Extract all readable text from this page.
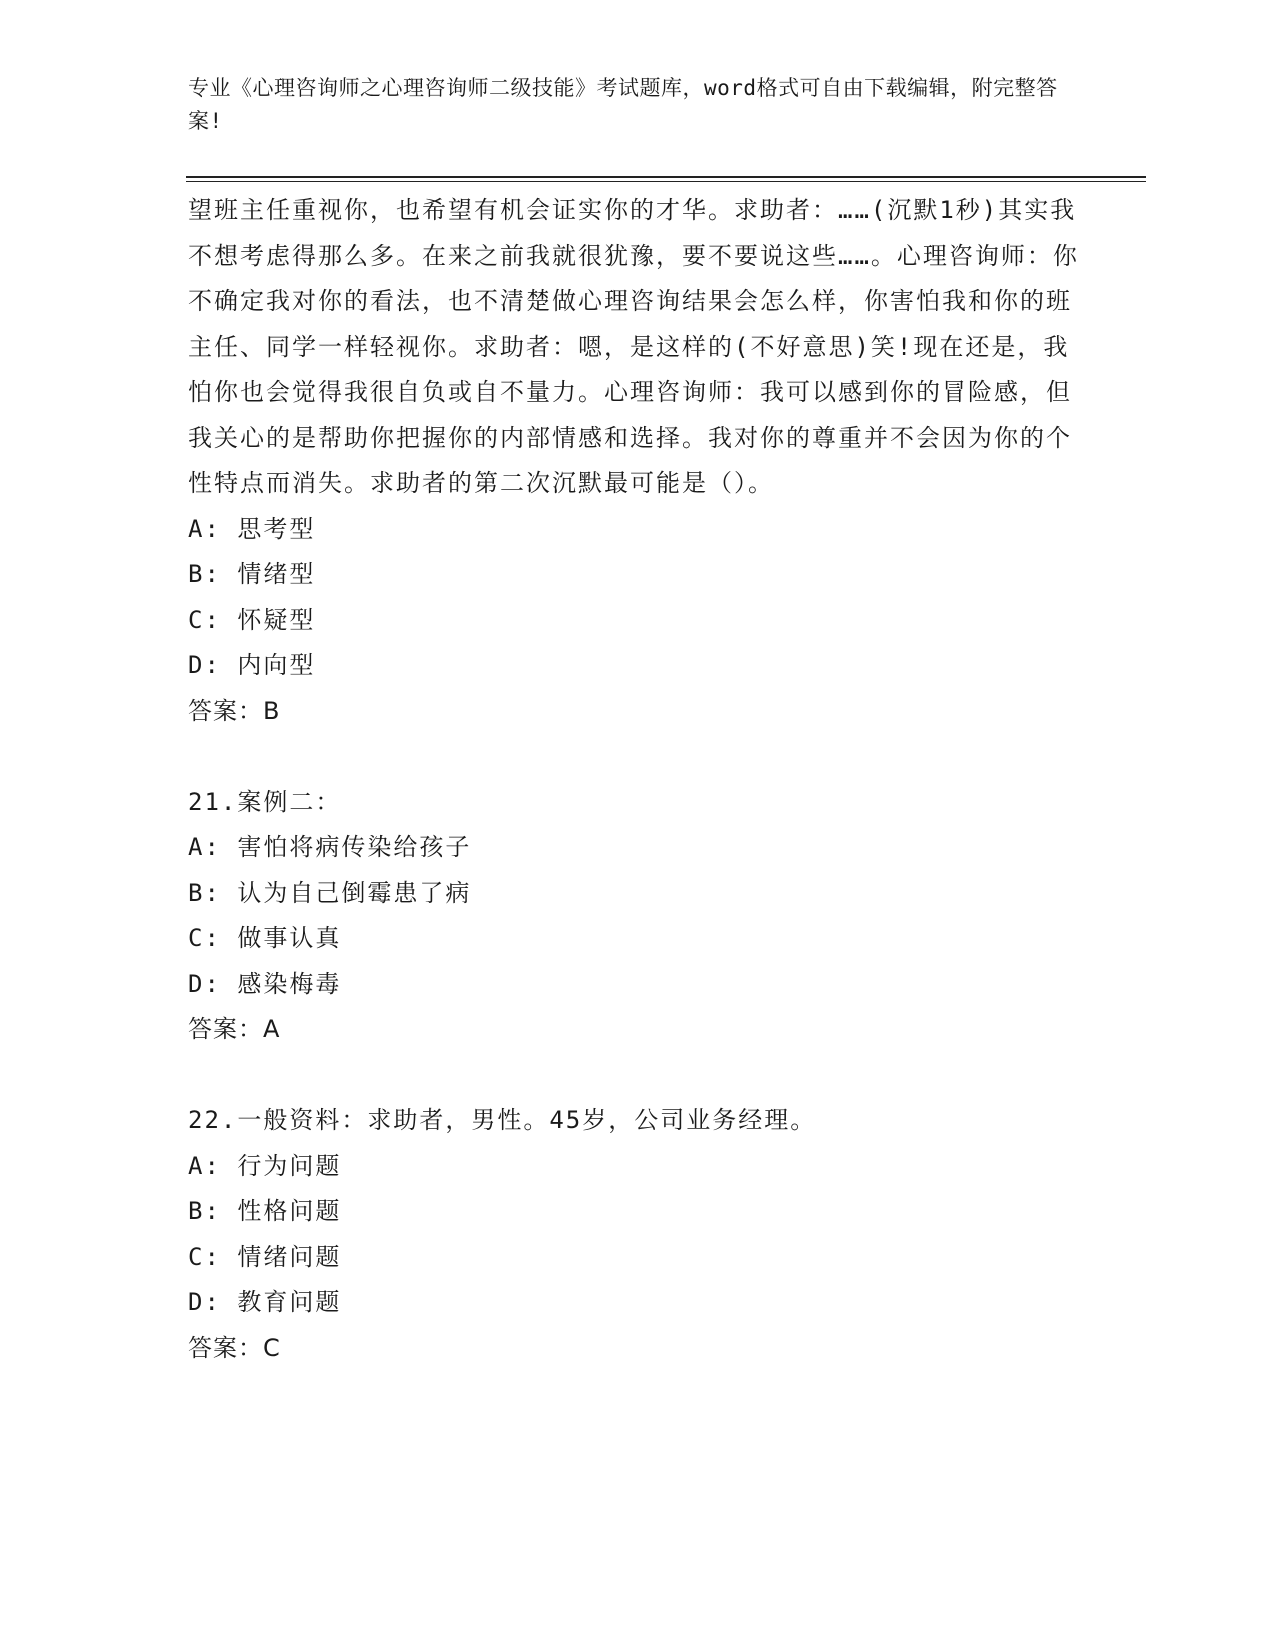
专业《心理咨询师之心理咨询师二级技能》考试题库，word格式可自由下载编辑，附完整答案!

望班主任重视你，也希望有机会证实你的才华。求助者：……(沉默1秒)其实我不想考虑得那么多。在来之前我就很犹豫，要不要说这些……。心理咨询师：你不确定我对你的看法，也不清楚做心理咨询结果会怎么样，你害怕我和你的班主任、同学一样轻视你。求助者：嗯，是这样的(不好意思)笑!现在还是，我怕你也会觉得我很自负或自不量力。心理咨询师：我可以感到你的冒险感，但我关心的是帮助你把握你的内部情感和选择。我对你的尊重并不会因为你的个性特点而消失。求助者的第二次沉默最可能是（）。

A: 思考型

B: 情绪型

C: 怀疑型

D: 内向型

答案：B

21.案例二：

A: 害怕将病传染给孩子

B: 认为自己倒霉患了病

C: 做事认真

D: 感染梅毒

答案：A

22.一般资料：求助者，男性。45岁，公司业务经理。

A: 行为问题

B: 性格问题

C: 情绪问题

D: 教育问题

答案：C
